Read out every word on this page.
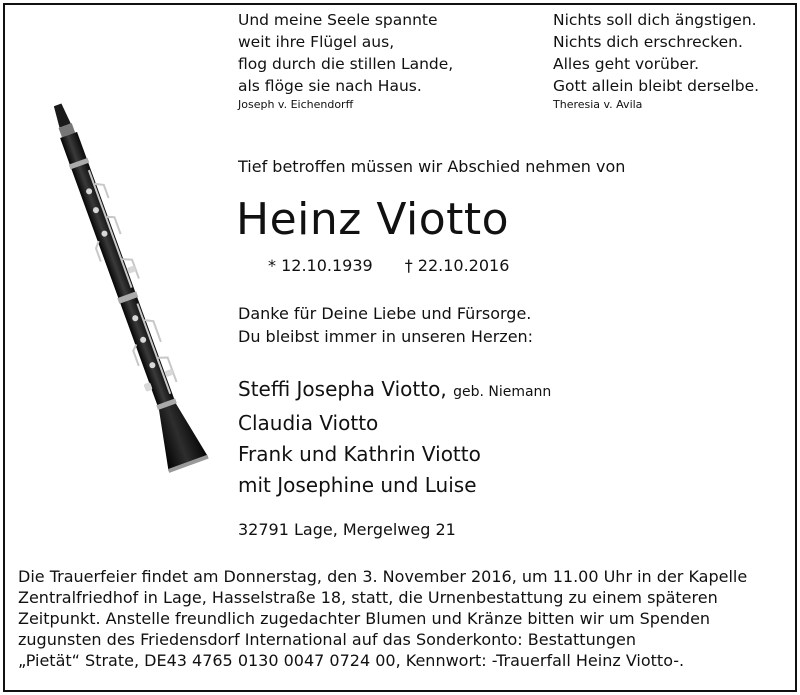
Und meine Seele spannte
weit ihre Flügel aus,
flog durch die stillen Lande,
als flöge sie nach Haus.
Joseph v. Eichendorff
Nichts soll dich ängstigen.
Nichts dich erschrecken.
Alles geht vorüber.
Gott allein bleibt derselbe.
Theresia v. Avila
Tief betroffen müssen wir Abschied nehmen von
Heinz Viotto
* 12.10.1939 † 22.10.2016
Danke für Deine Liebe und Fürsorge.
Du bleibst immer in unseren Herzen:
Steffi Josepha Viotto, geb. Niemann
Claudia Viotto
Frank und Kathrin Viotto
mit Josephine und Luise
32791 Lage, Mergelweg 21
Die Trauerfeier findet am Donnerstag, den 3. November 2016, um 11.00 Uhr in der Kapelle
Zentralfriedhof in Lage, Hasselstraße 18, statt, die Urnenbestattung zu einem späteren
Zeitpunkt. Anstelle freundlich zugedachter Blumen und Kränze bitten wir um Spenden
zugunsten des Friedensdorf International auf das Sonderkonto: Bestattungen
„Pietät“ Strate, DE43 4765 0130 0047 0724 00, Kennwort: -Trauerfall Heinz Viotto-.
